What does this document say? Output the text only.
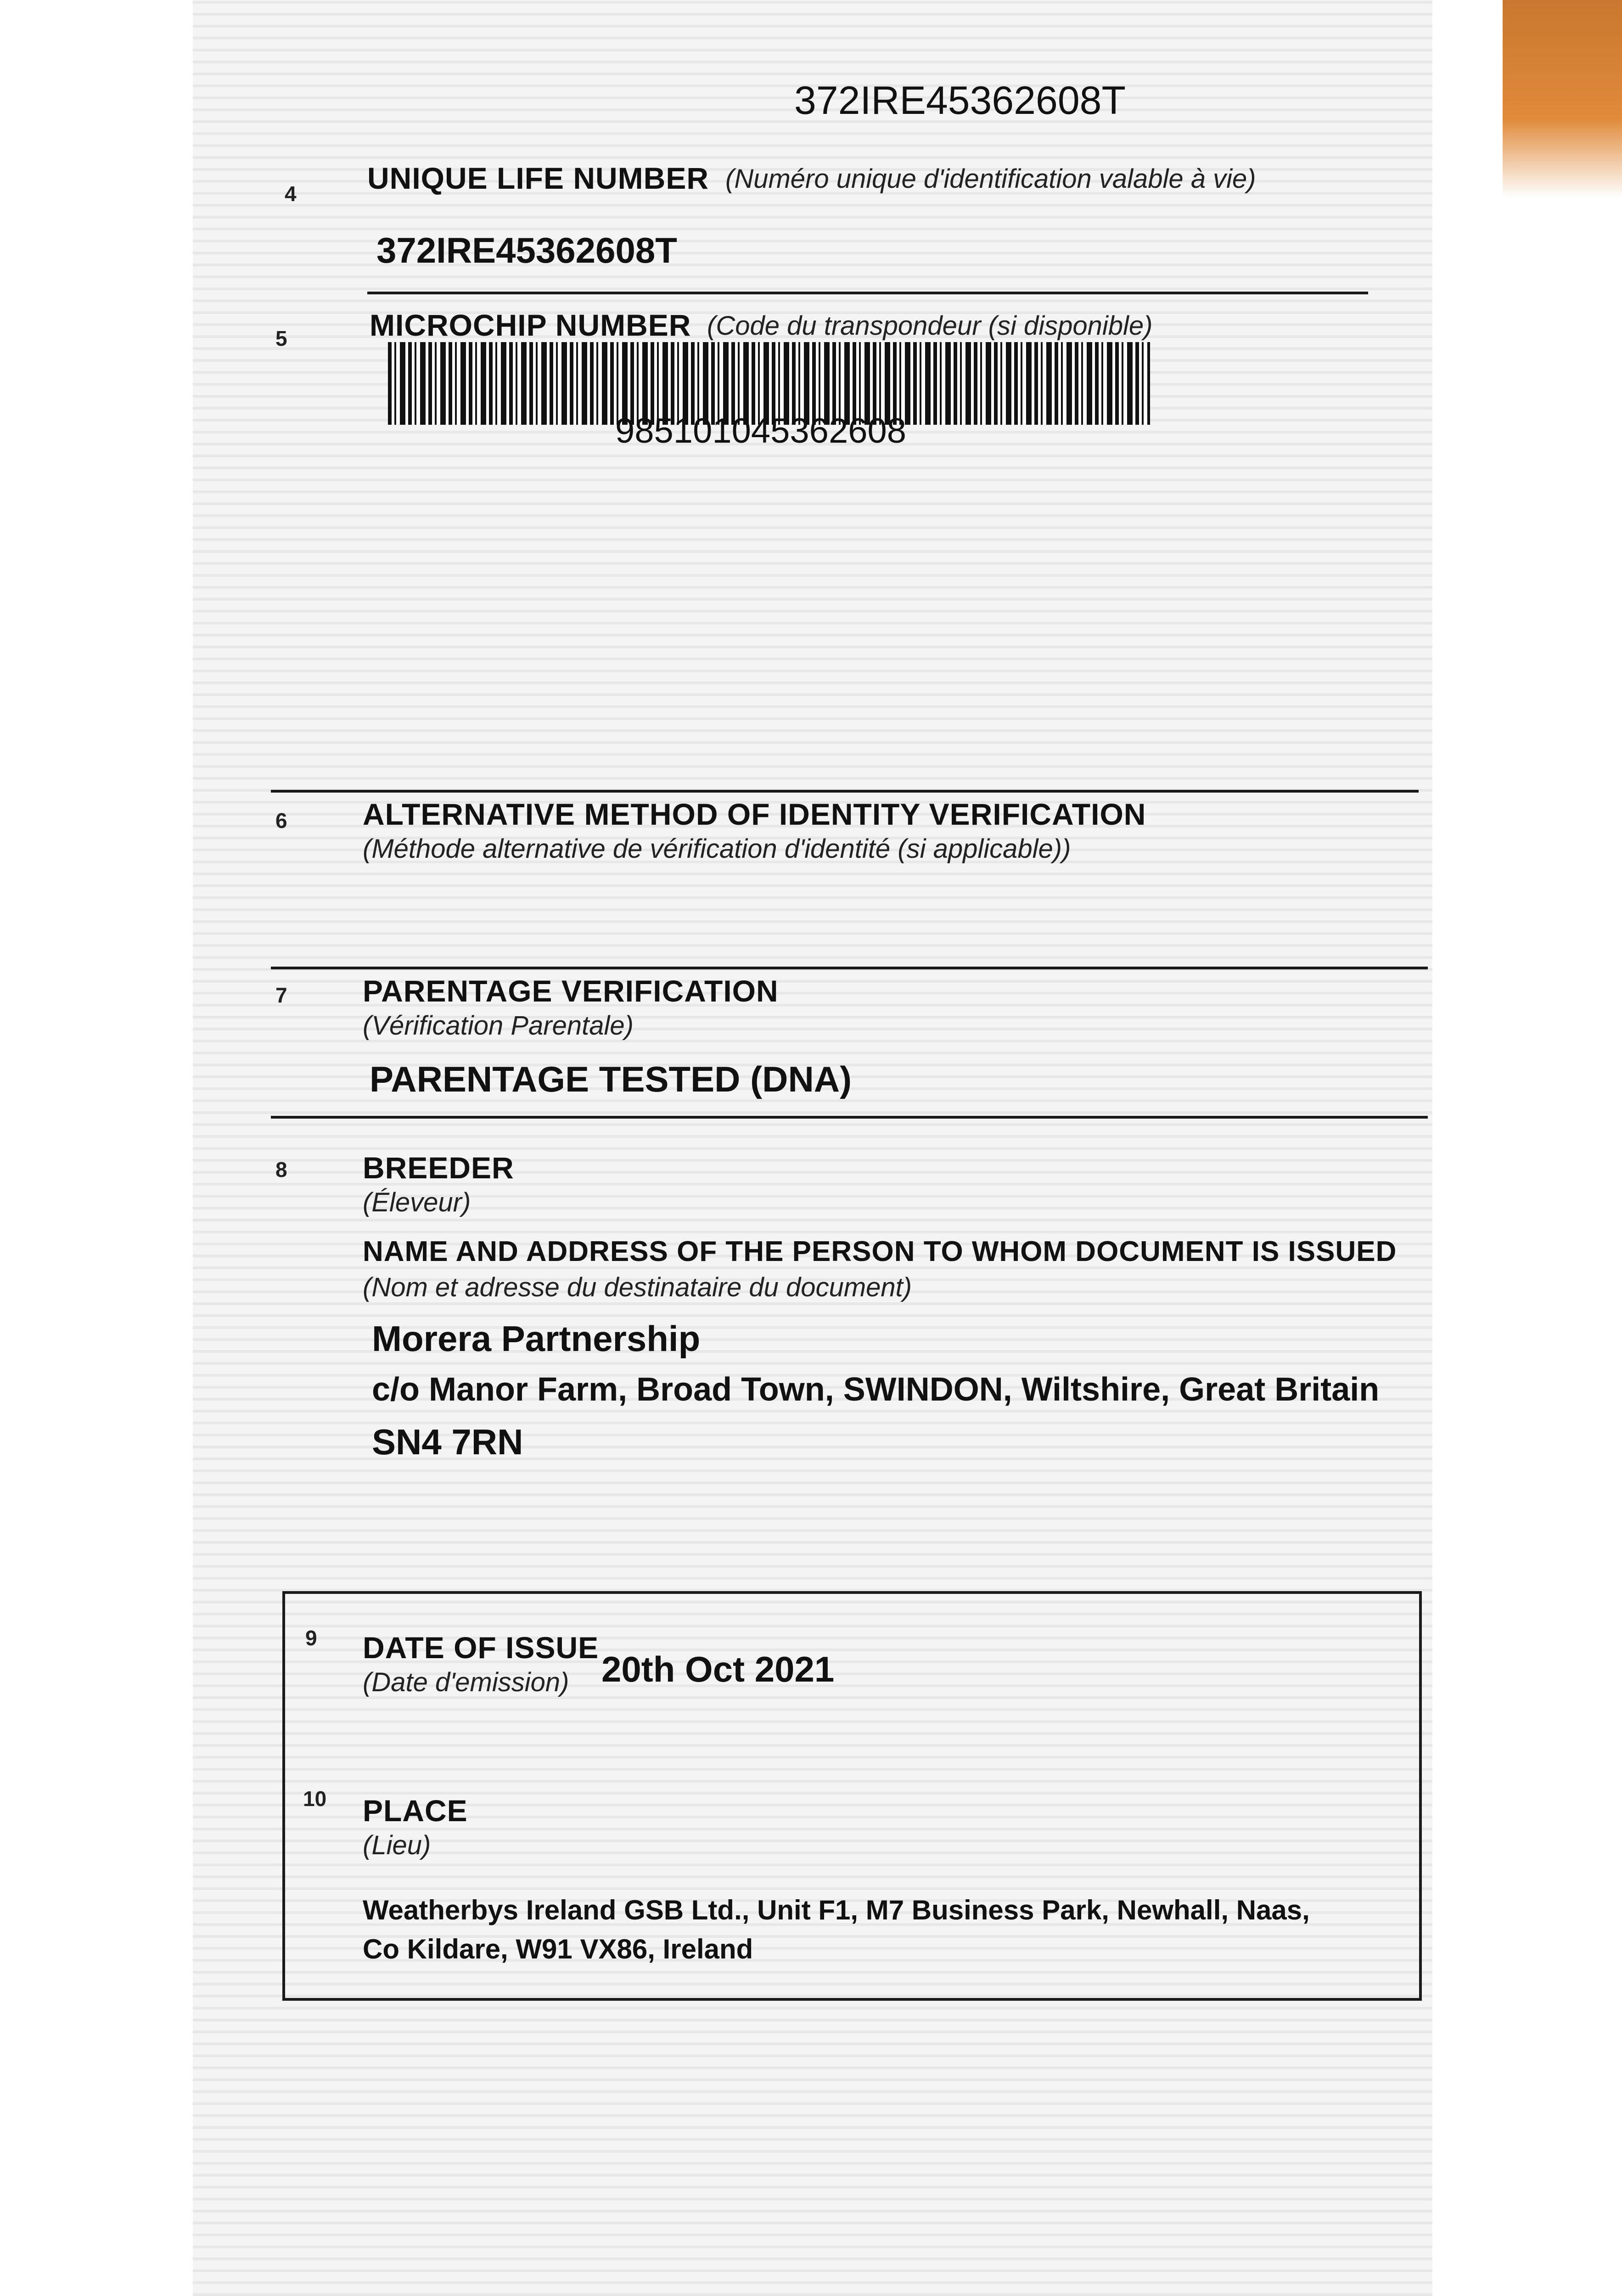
372IRE45362608T
4 UNIQUE LIFE NUMBER (Numéro unique d'identification valable à vie)
372IRE45362608T
5	MICROCHIP NUMBER (Code du transpondeur (si disponible)
985101045362608
6 ALTERNATIVE METHOD OF IDENTITY VERIFICATION
(Méthode alternative de vérification d'identité (si applicable))
7 PARENTAGE VERIFICATION
(Vérification Parentale)
PARENTAGE TESTED (DNA)
8 BREEDER
(Éleveur)
NAME AND ADDRESS OF THE PERSON TO WHOM DOCUMENT IS ISSUED
(Nom et adresse du destinataire du document)
Morera Partnership
c/o Manor Farm, Broad Town, SWINDON, Wiltshire, Great Britain
SN4 7RN
9 DATE OF ISSUE
(Date d'emission) 20th Oct 2021
10 PLACE
(Lieu)
Weatherbys Ireland GSB Ltd., Unit F1, M7 Business Park, Newhall, Naas,
Co Kildare, W91 VX86, Ireland
